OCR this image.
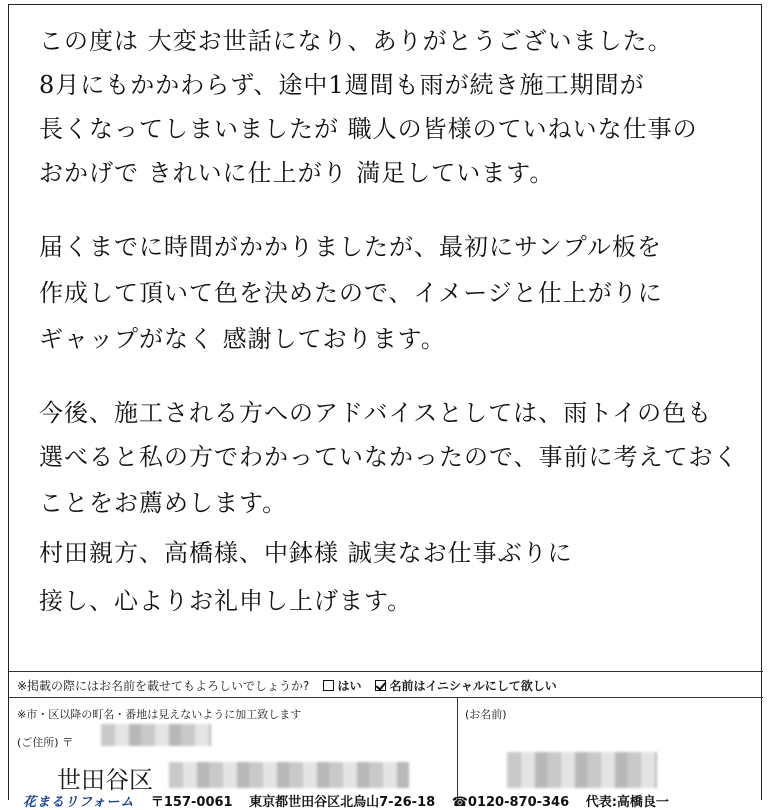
この度は 大変お世話になり、ありがとうございました。
8月にもかかわらず、途中1週間も雨が続き施工期間が
長くなってしまいましたが 職人の皆様のていねいな仕事の
おかげで きれいに仕上がり 満足しています。
届くまでに時間がかかりましたが、最初にサンプル板を
作成して頂いて色を決めたので、イメージと仕上がりに
ギャップがなく 感謝しております。
今後、施工される方へのアドバイスとしては、雨トイの色も
選べると私の方でわかっていなかったので、事前に考えておく
ことをお薦めします。
村田親方、高橋様、中鉢様 誠実なお仕事ぶりに
接し、心よりお礼申し上げます。
※掲載の際にはお名前を載せてもよろしいでしょうか? はい 名前はイニシャルにして欲しい
※市・区以降の町名・番地は見えないように加工致します
(ご住所) 〒
世田谷区
(お名前)
花まるリフォーム 〒157-0061 東京都世田谷区北烏山7-26-18 ☎0120-870-346 代表:高橋良一
